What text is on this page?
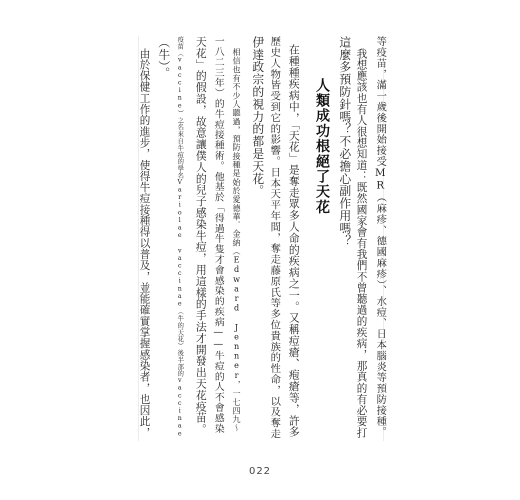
等疫苗，滿一歲後開始接受MR（麻疹、德國麻疹）、水痘、日本腦炎等預防接種。
我想應該也有人很想知道：既然國家會有我們不曾聽過的疾病，那真的有必要打
這麼多預防針嗎？不必擔心副作用嗎？
人類成功根絕了天花
在種種疾病中，「天花」是奪走眾多人命的疾病之一。又稱痘瘡、疱瘡等，許多
歷史人物皆受到它的影響。日本天平年間，奪走藤原氏等多位貴族的性命，以及奪走
伊達政宗的視力的都是天花。
相信也有不少人聽過，預防接種是始於愛德華．金納（Edward Jenner，一七四九～
一八二三年）的牛痘接種術。他基於「得過牛隻才會感染的疾病——牛痘的人不會感染
天花」的假設，故意讓僕人的兒子感染牛痘，用這樣的手法才開發出天花疫苗。
疫苗（vaccine）之名來自牛痘的學名Variolae vaccinae（牛的天花）後半部的vaccinae
（牛）。
由於保健工作的進步，使得牛痘接種得以普及，並能確實掌握感染者，也因此，
022
